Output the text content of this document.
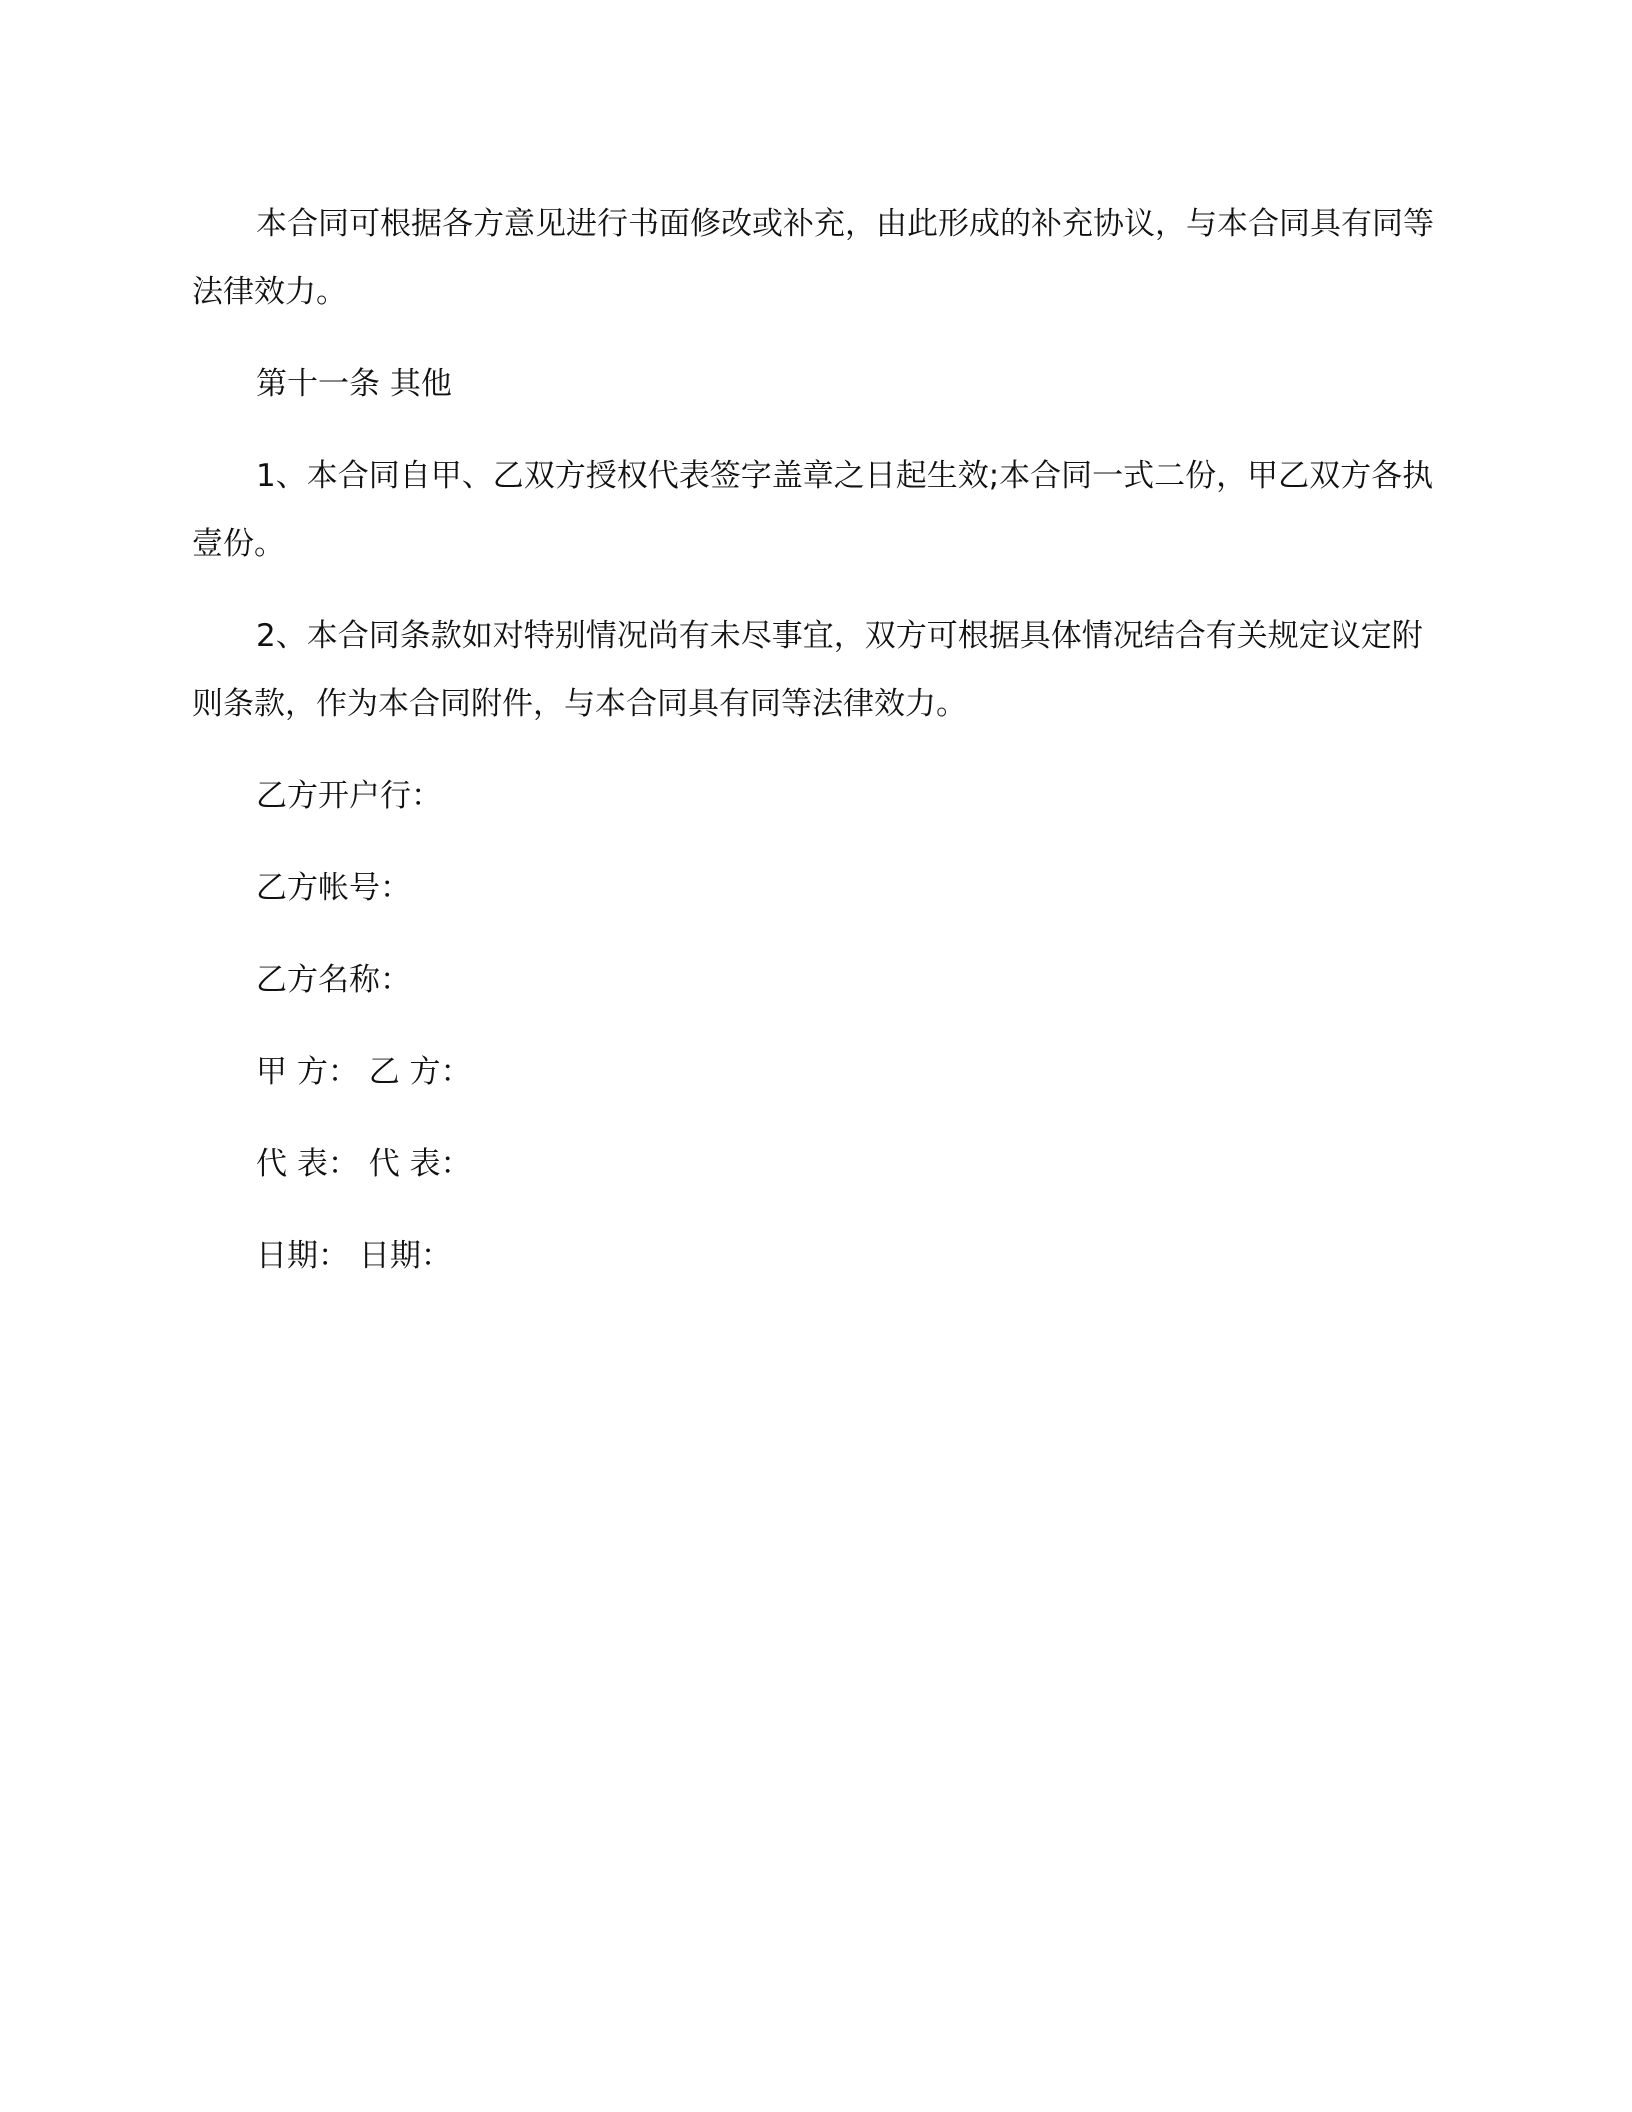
本合同可根据各方意见进行书面修改或补充，由此形成的补充协议，与本合同具有同等法律效力。

第十一条 其他

1、本合同自甲、乙双方授权代表签字盖章之日起生效;本合同一式二份，甲乙双方各执壹份。

2、本合同条款如对特别情况尚有未尽事宜，双方可根据具体情况结合有关规定议定附则条款，作为本合同附件，与本合同具有同等法律效力。

乙方开户行：

乙方帐号：

乙方名称：

甲 方： 乙 方：

代 表： 代 表：

日期： 日期：
